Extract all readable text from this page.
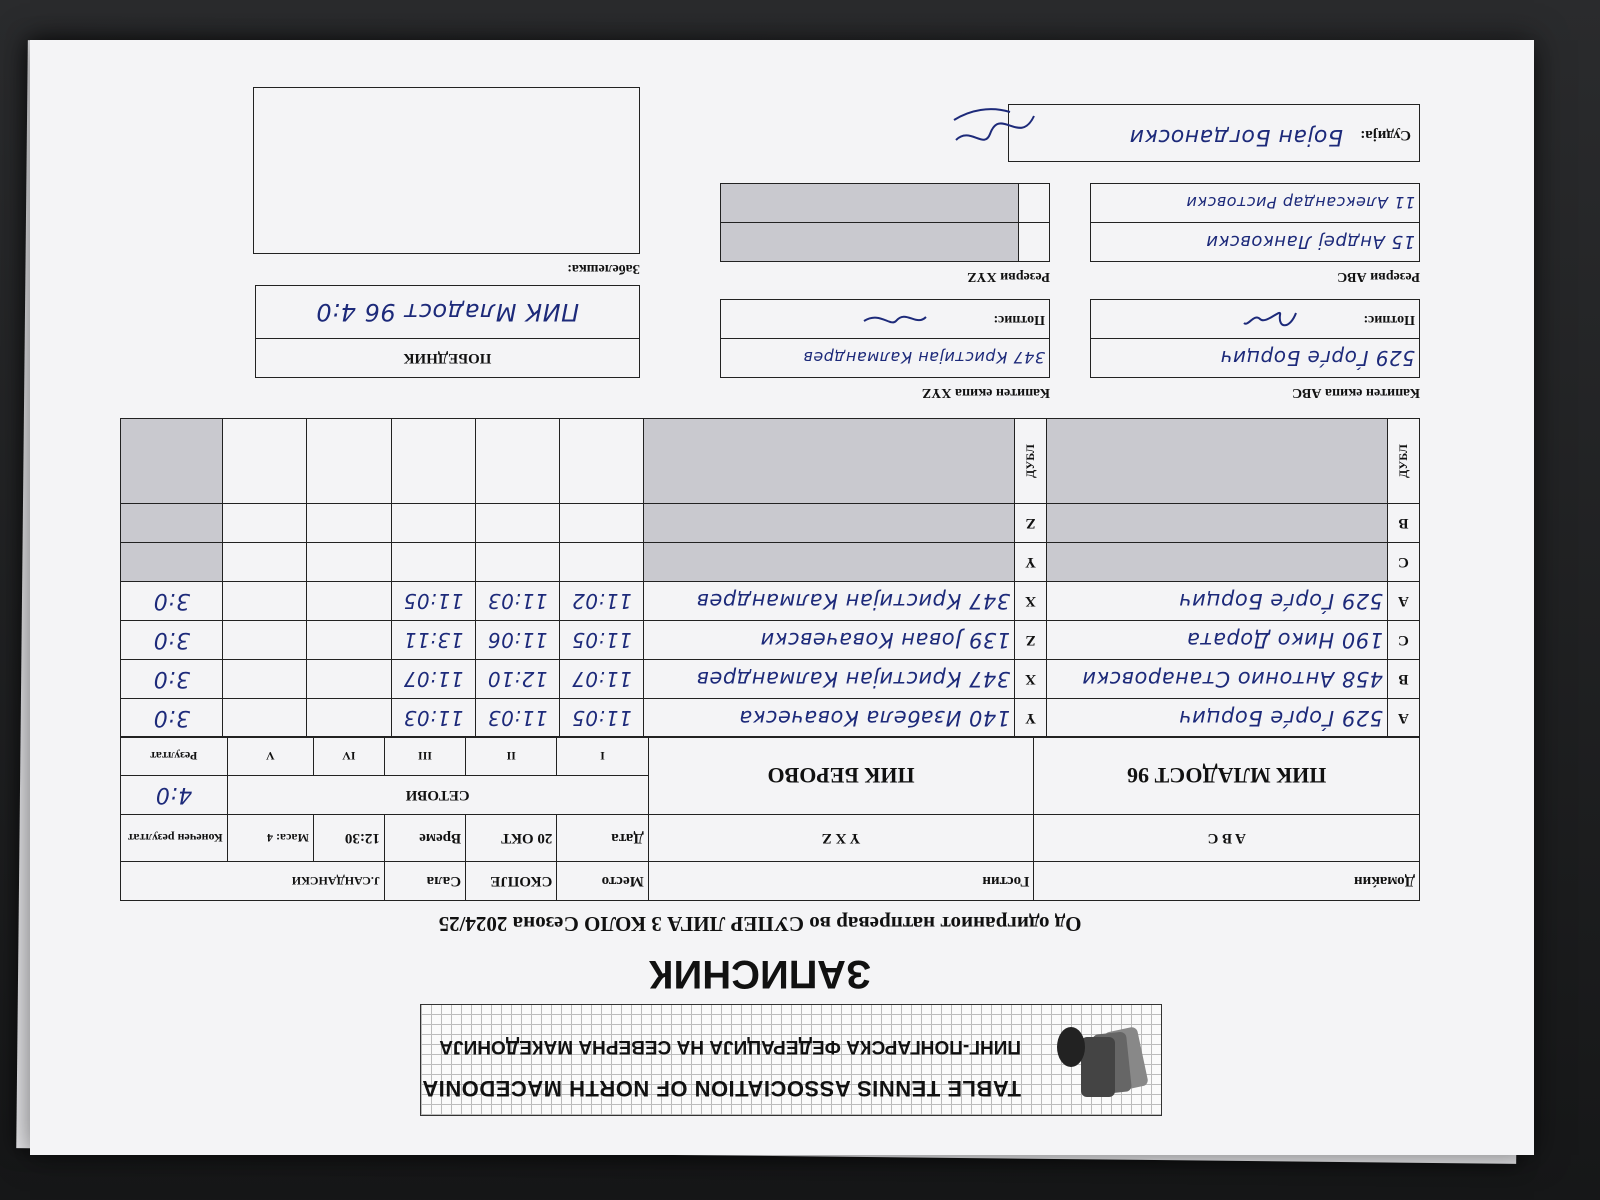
TABLE TENNIS ASSOCIATION OF NORTH MACEDONIA
ПИНГ-ПОНГАРСКА ФЕДЕРАЦИЈА НА СЕВЕРНА МАКЕДОНИЈА
ЗАПИСНИК
Од одиграниот натпревар во СУПЕР ЛИГА 3 КОЛО Сезона 2024/25
Домаќин	Гостин	Место	СКОПЈЕ	Сала	J.САНДАНСКИ		
A B C	Y X Z	Дата	20 ОКТ	Време	12:30	Маса: 4	Конечен резултат
ПИК МЛАДОСТ 96	ПИК БЕРОВО	СЕТОВИ					4:0
		I	II	III	IV	V	Резултат
A	529 Ѓорѓе Борцич	Y	140 Изабела Коваческа	11:05	11:03	11:03			3:0
B	458 Антонио Станаровски	X	347 Кристијан Калмандрев	11:07	12:10	11:07			3:0
C	190 Нико Дората	Z	139 Јован Ковачевски	11:05	11:06	13:11			3:0
A	529 Ѓорѓе Борцич	X	347 Кристијан Калмандрев	11:02	11:03	11:05			3:0
C		Y							
B		Z							
ДУБЛ		ДУБЛ							
Капитен екипа ABC
529 Ѓорѓе Борцич
Потпис:
Капитен екипа XYZ
347 Кристијан Калмандрев
Потпис:
ПОБЕДНИК
ПИК Младост 96 4:0
Резерви ABC
15 Андреј Ланковски
11 Александар Ристовски
Резерви XYZ

Забелешка:
Судија:
Бојан Богданоски
